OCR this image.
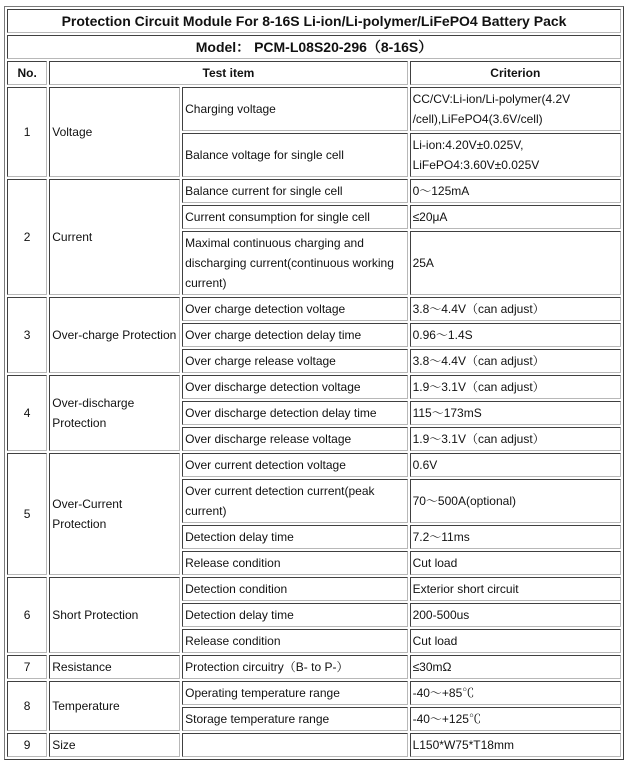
Protection Circuit Module For 8-16S Li-ion/Li-polymer/LiFePO4 Battery Pack			
Model： PCM-L08S20-296（8-16S）			
No.	Test item		Criterion
1	Voltage	Charging voltage	CC/CV:Li-ion/Li-polymer(4.2V /cell),LiFePO4(3.6V/cell)
		Balance voltage for single cell	Li-ion:4.20V±0.025V, LiFePO4:3.60V±0.025V
2	Current	Balance current for single cell	0～125mA
		Current consumption for single cell	≤20μA
		Maximal continuous charging and discharging current(continuous working current)	25A
3	Over-charge Protection	Over charge detection voltage	3.8～4.4V（can adjust）
		Over charge detection delay time	0.96～1.4S
		Over charge release voltage	3.8～4.4V（can adjust）
4	Over-discharge Protection	Over discharge detection voltage	1.9～3.1V（can adjust）
		Over discharge detection delay time	115～173mS
		Over discharge release voltage	1.9～3.1V（can adjust）
5	Over-Current Protection	Over current detection voltage	0.6V
		Over current detection current(peak current)	70～500A(optional)
		Detection delay time	7.2～11ms
		Release condition	Cut load
6	Short Protection	Detection condition	Exterior short circuit
		Detection delay time	200-500us
		Release condition	Cut load
7	Resistance	Protection circuitry（B- to P-）	≤30mΩ
8	Temperature	Operating temperature range	-40～+85℃
		Storage temperature range	-40～+125℃
9	Size		L150*W75*T18mm
